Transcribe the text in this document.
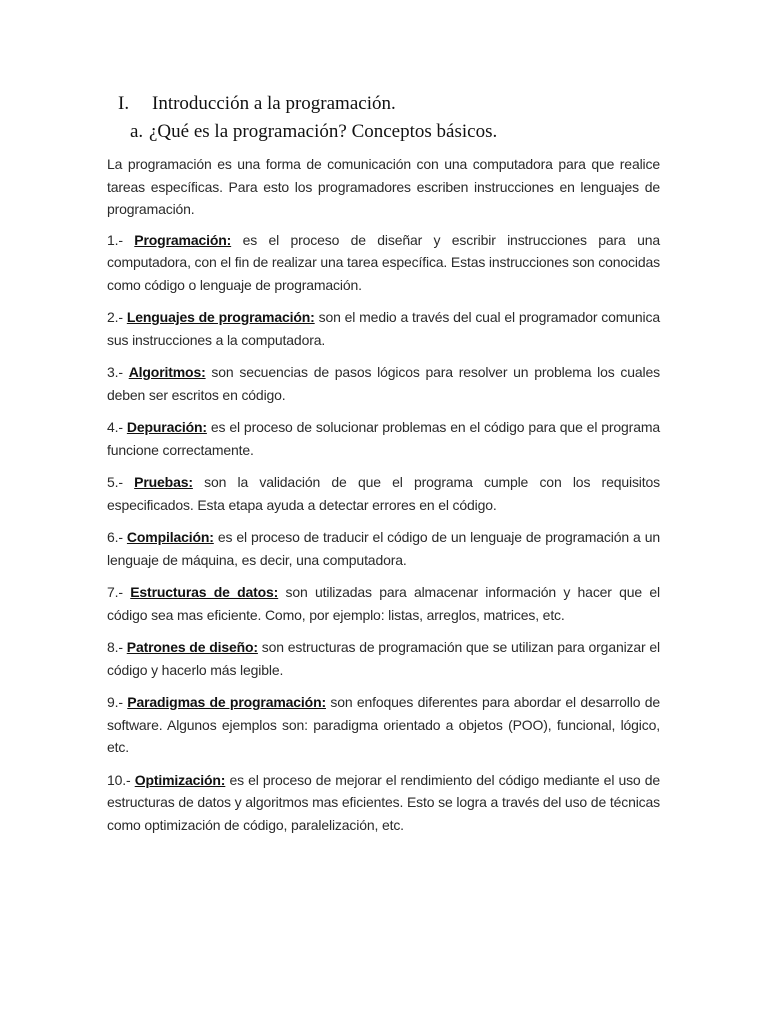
I. Introducción a la programación.
a. ¿Qué es la programación? Conceptos básicos.

La programación es una forma de comunicación con una computadora para que realice tareas específicas. Para esto los programadores escriben instrucciones en lenguajes de programación.

1.- Programación: es el proceso de diseñar y escribir instrucciones para una computadora, con el fin de realizar una tarea específica. Estas instrucciones son conocidas como código o lenguaje de programación.

2.- Lenguajes de programación: son el medio a través del cual el programador comunica sus instrucciones a la computadora.

3.- Algoritmos: son secuencias de pasos lógicos para resolver un problema los cuales deben ser escritos en código.

4.- Depuración: es el proceso de solucionar problemas en el código para que el programa funcione correctamente.

5.- Pruebas: son la validación de que el programa cumple con los requisitos especificados. Esta etapa ayuda a detectar errores en el código.

6.- Compilación: es el proceso de traducir el código de un lenguaje de programación a un lenguaje de máquina, es decir, una computadora.

7.- Estructuras de datos: son utilizadas para almacenar información y hacer que el código sea mas eficiente. Como, por ejemplo: listas, arreglos, matrices, etc.

8.- Patrones de diseño: son estructuras de programación que se utilizan para organizar el código y hacerlo más legible.

9.- Paradigmas de programación: son enfoques diferentes para abordar el desarrollo de software. Algunos ejemplos son: paradigma orientado a objetos (POO), funcional, lógico, etc.

10.- Optimización: es el proceso de mejorar el rendimiento del código mediante el uso de estructuras de datos y algoritmos mas eficientes. Esto se logra a través del uso de técnicas como optimización de código, paralelización, etc.
